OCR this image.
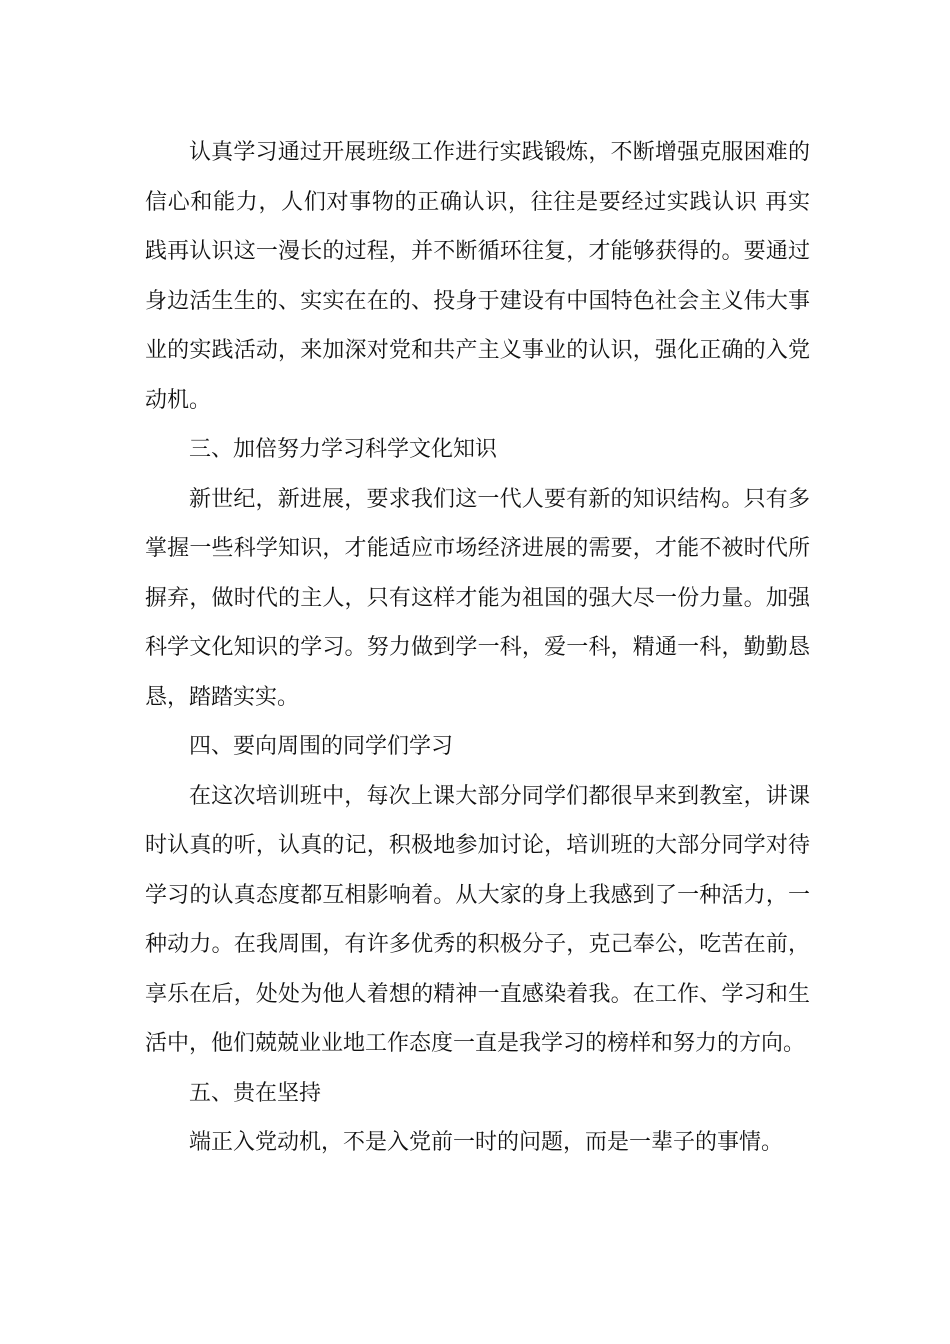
认真学习通过开展班级工作进行实践锻炼，不断增强克服困难的信心和能力，人们对事物的正确认识，往往是要经过实践认识 再实践再认识这一漫长的过程，并不断循环往复，才能够获得的。要通过身边活生生的、实实在在的、投身于建设有中国特色社会主义伟大事业的实践活动，来加深对党和共产主义事业的认识，强化正确的入党动机。

三、加倍努力学习科学文化知识

新世纪，新进展，要求我们这一代人要有新的知识结构。只有多掌握一些科学知识，才能适应市场经济进展的需要，才能不被时代所摒弃，做时代的主人，只有这样才能为祖国的强大尽一份力量。加强科学文化知识的学习。努力做到学一科，爱一科，精通一科，勤勤恳恳，踏踏实实。

四、要向周围的同学们学习

在这次培训班中，每次上课大部分同学们都很早来到教室，讲课时认真的听，认真的记，积极地参加讨论，培训班的大部分同学对待学习的认真态度都互相影响着。从大家的身上我感到了一种活力，一种动力。在我周围，有许多优秀的积极分子，克己奉公，吃苦在前，享乐在后，处处为他人着想的精神一直感染着我。在工作、学习和生活中，他们兢兢业业地工作态度一直是我学习的榜样和努力的方向。

五、贵在坚持

端正入党动机，不是入党前一时的问题，而是一辈子的事情。
